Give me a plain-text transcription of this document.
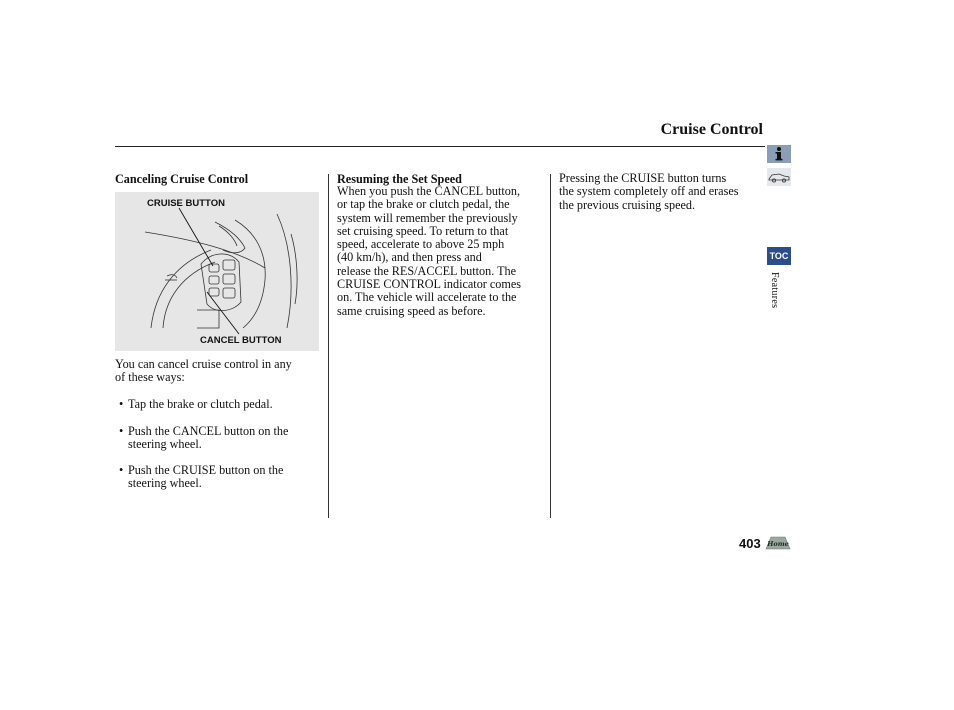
Cruise Control
Canceling Cruise Control
CRUISE BUTTON
CANCEL BUTTON
You can cancel cruise control in any
of these ways:
• Tap the brake or clutch pedal.
• Push the CANCEL button on the
steering wheel.
• Push the CRUISE button on the
steering wheel.
Resuming the Set Speed
When you push the CANCEL button,
or tap the brake or clutch pedal, the
system will remember the previously
set cruising speed. To return to that
speed, accelerate to above 25 mph
(40 km/h), and then press and
release the RES/ACCEL button. The
CRUISE CONTROL indicator comes
on. The vehicle will accelerate to the
same cruising speed as before.
Pressing the CRUISE button turns
the system completely off and erases
the previous cruising speed.
TOC
Features
403 Home
